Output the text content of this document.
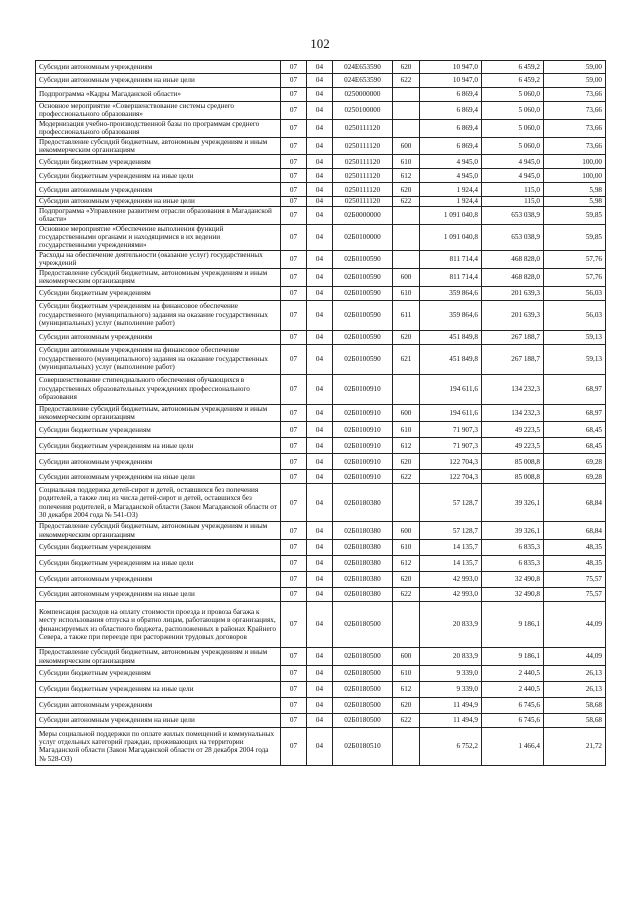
102
Субсидии автономным учреждениям	07	04	024Е653590	620	10 947,0	6 459,2	59,00
Субсидии автономным учреждениям на иные цели	07	04	024Е653590	622	10 947,0	6 459,2	59,00
Подпрограмма «Кадры Магаданской области»	07	04	0250000000		6 869,4	5 060,0	73,66
Основное мероприятие «Совершенствование системы среднего профессионального образования»	07	04	0250100000		6 869,4	5 060,0	73,66
Модернизация учебно-производственной базы по программам среднего профессионального образования	07	04	0250111120		6 869,4	5 060,0	73,66
Предоставление субсидий бюджетным, автономным учреждениям и иным некоммерческим организациям	07	04	0250111120	600	6 869,4	5 060,0	73,66
Субсидии бюджетным учреждениям	07	04	0250111120	610	4 945,0	4 945,0	100,00
Субсидии бюджетным учреждениям на иные цели	07	04	0250111120	612	4 945,0	4 945,0	100,00
Субсидии автономным учреждениям	07	04	0250111120	620	1 924,4	115,0	5,98
Субсидии автономным учреждениям на иные цели	07	04	0250111120	622	1 924,4	115,0	5,98
Подпрограмма «Управление развитием отрасли образования в Магаданской области»	07	04	02Б0000000		1 091 040,8	653 038,9	59,85
Основное мероприятие «Обеспечение выполнения функций государственными органами и находящимися в их ведении государственными учреждениями»	07	04	02Б0100000		1 091 040,8	653 038,9	59,85
Расходы на обеспечение деятельности (оказание услуг) государственных учреждений	07	04	02Б0100590		811 714,4	468 828,0	57,76
Предоставление субсидий бюджетным, автономным учреждениям и иным некоммерческим организациям	07	04	02Б0100590	600	811 714,4	468 828,0	57,76
Субсидии бюджетным учреждениям	07	04	02Б0100590	610	359 864,6	201 639,3	56,03
Субсидии бюджетным учреждениям на финансовое обеспечение государственного (муниципального) задания на оказание государственных (муниципальных) услуг (выполнение работ)	07	04	02Б0100590	611	359 864,6	201 639,3	56,03
Субсидии автономным учреждениям	07	04	02Б0100590	620	451 849,8	267 188,7	59,13
Субсидии автономным учреждениям на финансовое обеспечение государственного (муниципального) задания на оказание государственных (муниципальных) услуг (выполнение работ)	07	04	02Б0100590	621	451 849,8	267 188,7	59,13
Совершенствование стипендиального обеспечения обучающихся в государственных образовательных учреждениях профессионального образования	07	04	02Б0100910		194 611,6	134 232,3	68,97
Предоставление субсидий бюджетным, автономным учреждениям и иным некоммерческим организациям	07	04	02Б0100910	600	194 611,6	134 232,3	68,97
Субсидии бюджетным учреждениям	07	04	02Б0100910	610	71 907,3	49 223,5	68,45
Субсидии бюджетным учреждениям на иные цели	07	04	02Б0100910	612	71 907,3	49 223,5	68,45
Субсидии автономным учреждениям	07	04	02Б0100910	620	122 704,3	85 008,8	69,28
Субсидии автономным учреждениям на иные цели	07	04	02Б0100910	622	122 704,3	85 008,8	69,28
Социальная поддержка детей-сирот и детей, оставшихся без попечения родителей, а также лиц из числа детей-сирот и детей, оставшихся без попечения родителей, в Магаданской области (Закон Магаданской области от 30 декабря 2004 года № 541-ОЗ)	07	04	02Б0180380		57 128,7	39 326,1	68,84
Предоставление субсидий бюджетным, автономным учреждениям и иным некоммерческим организациям	07	04	02Б0180380	600	57 128,7	39 326,1	68,84
Субсидии бюджетным учреждениям	07	04	02Б0180380	610	14 135,7	6 835,3	48,35
Субсидии бюджетным учреждениям на иные цели	07	04	02Б0180380	612	14 135,7	6 835,3	48,35
Субсидии автономным учреждениям	07	04	02Б0180380	620	42 993,0	32 490,8	75,57
Субсидии автономным учреждениям на иные цели	07	04	02Б0180380	622	42 993,0	32 490,8	75,57
Компенсация расходов на оплату стоимости проезда и провоза багажа к месту использования отпуска и обратно лицам, работающим в организациях, финансируемых из областного бюджета, расположенных в районах Крайнего Севера, а также при переезде при расторжении трудовых договоров	07	04	02Б0180500		20 833,9	9 186,1	44,09
Предоставление субсидий бюджетным, автономным учреждениям и иным некоммерческим организациям	07	04	02Б0180500	600	20 833,9	9 186,1	44,09
Субсидии бюджетным учреждениям	07	04	02Б0180500	610	9 339,0	2 440,5	26,13
Субсидии бюджетным учреждениям на иные цели	07	04	02Б0180500	612	9 339,0	2 440,5	26,13
Субсидии автономным учреждениям	07	04	02Б0180500	620	11 494,9	6 745,6	58,68
Субсидии автономным учреждениям на иные цели	07	04	02Б0180500	622	11 494,9	6 745,6	58,68
Меры социальной поддержки по оплате жилых помещений и коммунальных услуг отдельных категорий граждан, проживающих на территории Магаданской области (Закон Магаданской области от 28 декабря 2004 года № 528-ОЗ)	07	04	02Б0180510		6 752,2	1 466,4	21,72
